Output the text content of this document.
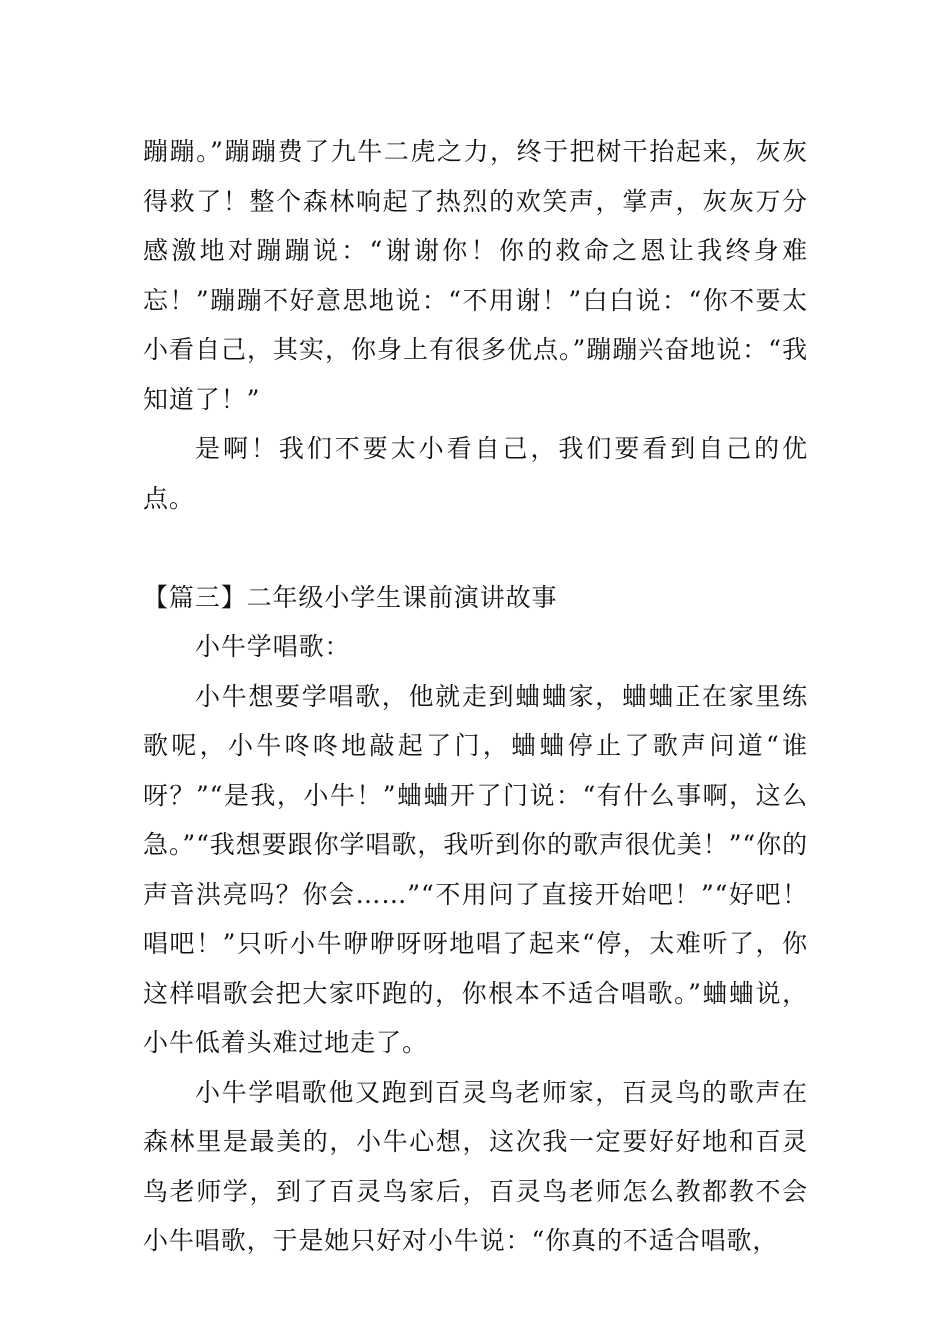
蹦蹦。”蹦蹦费了九牛二虎之力，终于把树干抬起来，灰灰得救了！整个森林响起了热烈的欢笑声，掌声，灰灰万分感激地对蹦蹦说：“谢谢你！你的救命之恩让我终身难忘！”蹦蹦不好意思地说：“不用谢！”白白说：“你不要太小看自己，其实，你身上有很多优点。”蹦蹦兴奋地说：“我知道了！”

是啊！我们不要太小看自己，我们要看到自己的优点。

【篇三】二年级小学生课前演讲故事

小牛学唱歌：

小牛想要学唱歌，他就走到蛐蛐家，蛐蛐正在家里练歌呢，小牛咚咚地敲起了门，蛐蛐停止了歌声问道“谁呀？”“是我，小牛！”蛐蛐开了门说：“有什么事啊，这么急。”“我想要跟你学唱歌，我听到你的歌声很优美！”“你的声音洪亮吗？你会……”“不用问了直接开始吧！”“好吧！唱吧！”只听小牛咿咿呀呀地唱了起来“停，太难听了，你这样唱歌会把大家吓跑的，你根本不适合唱歌。”蛐蛐说，小牛低着头难过地走了。

小牛学唱歌他又跑到百灵鸟老师家，百灵鸟的歌声在森林里是最美的，小牛心想，这次我一定要好好地和百灵鸟老师学，到了百灵鸟家后，百灵鸟老师怎么教都教不会小牛唱歌，于是她只好对小牛说：“你真的不适合唱歌，
